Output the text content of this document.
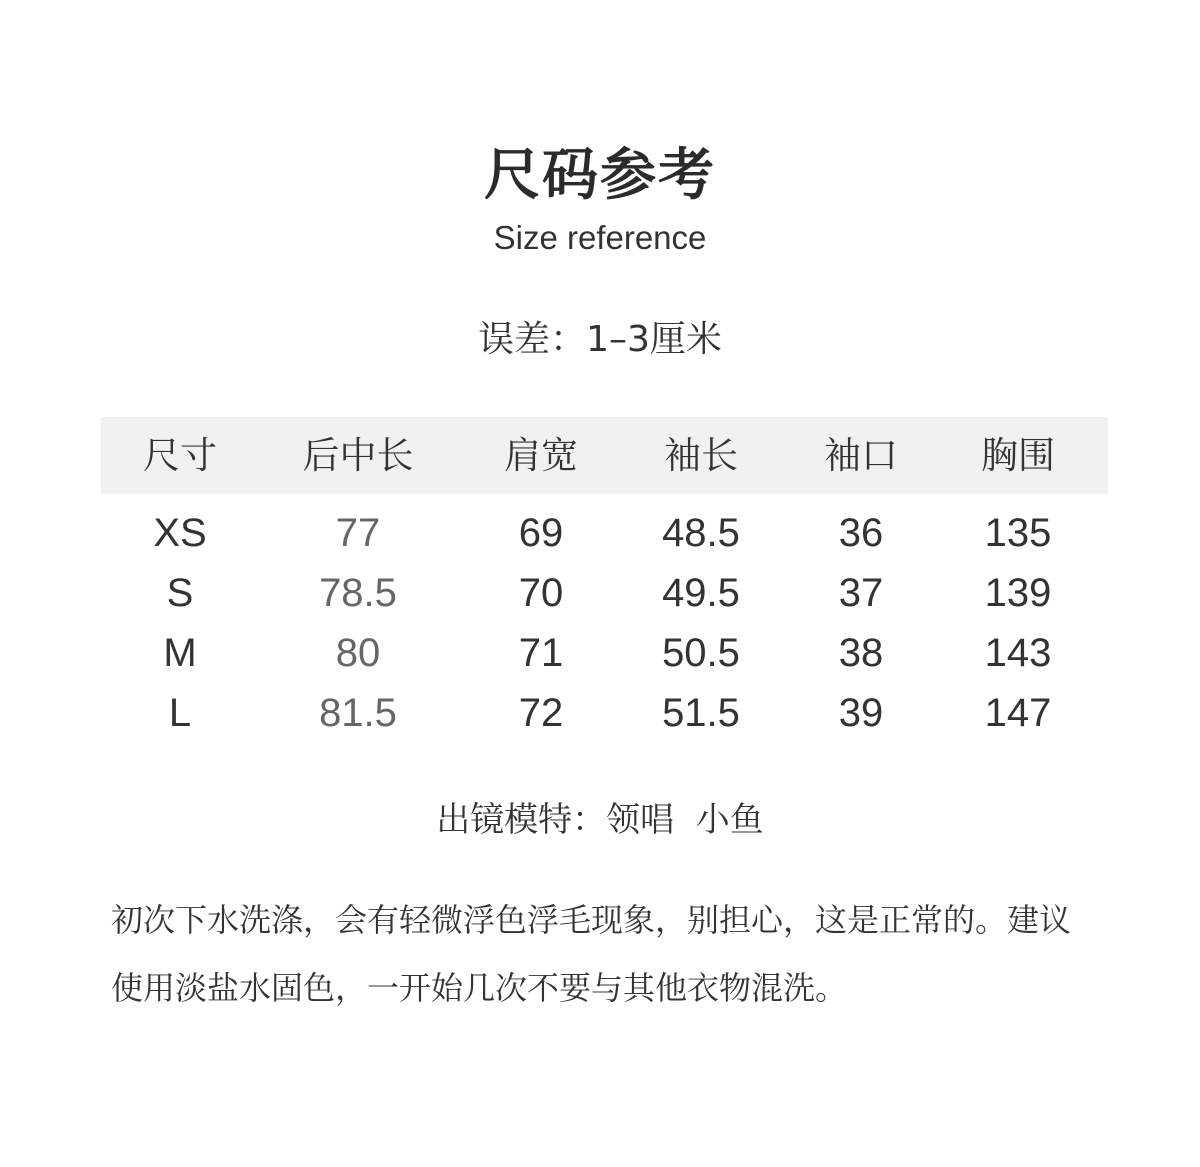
尺码参考
Size reference
误差：1–3厘米
尺寸	后中长	肩宽	袖长	袖口	胸围
XS	77	69	48.5	36	135
S	78.5	70	49.5	37	139
M	80	71	50.5	38	143
L	81.5	72	51.5	39	147
出镜模特：领唱  小鱼
初次下水洗涤，会有轻微浮色浮毛现象，别担心，这是正常的。建议使用淡盐水固色，一开始几次不要与其他衣物混洗。
